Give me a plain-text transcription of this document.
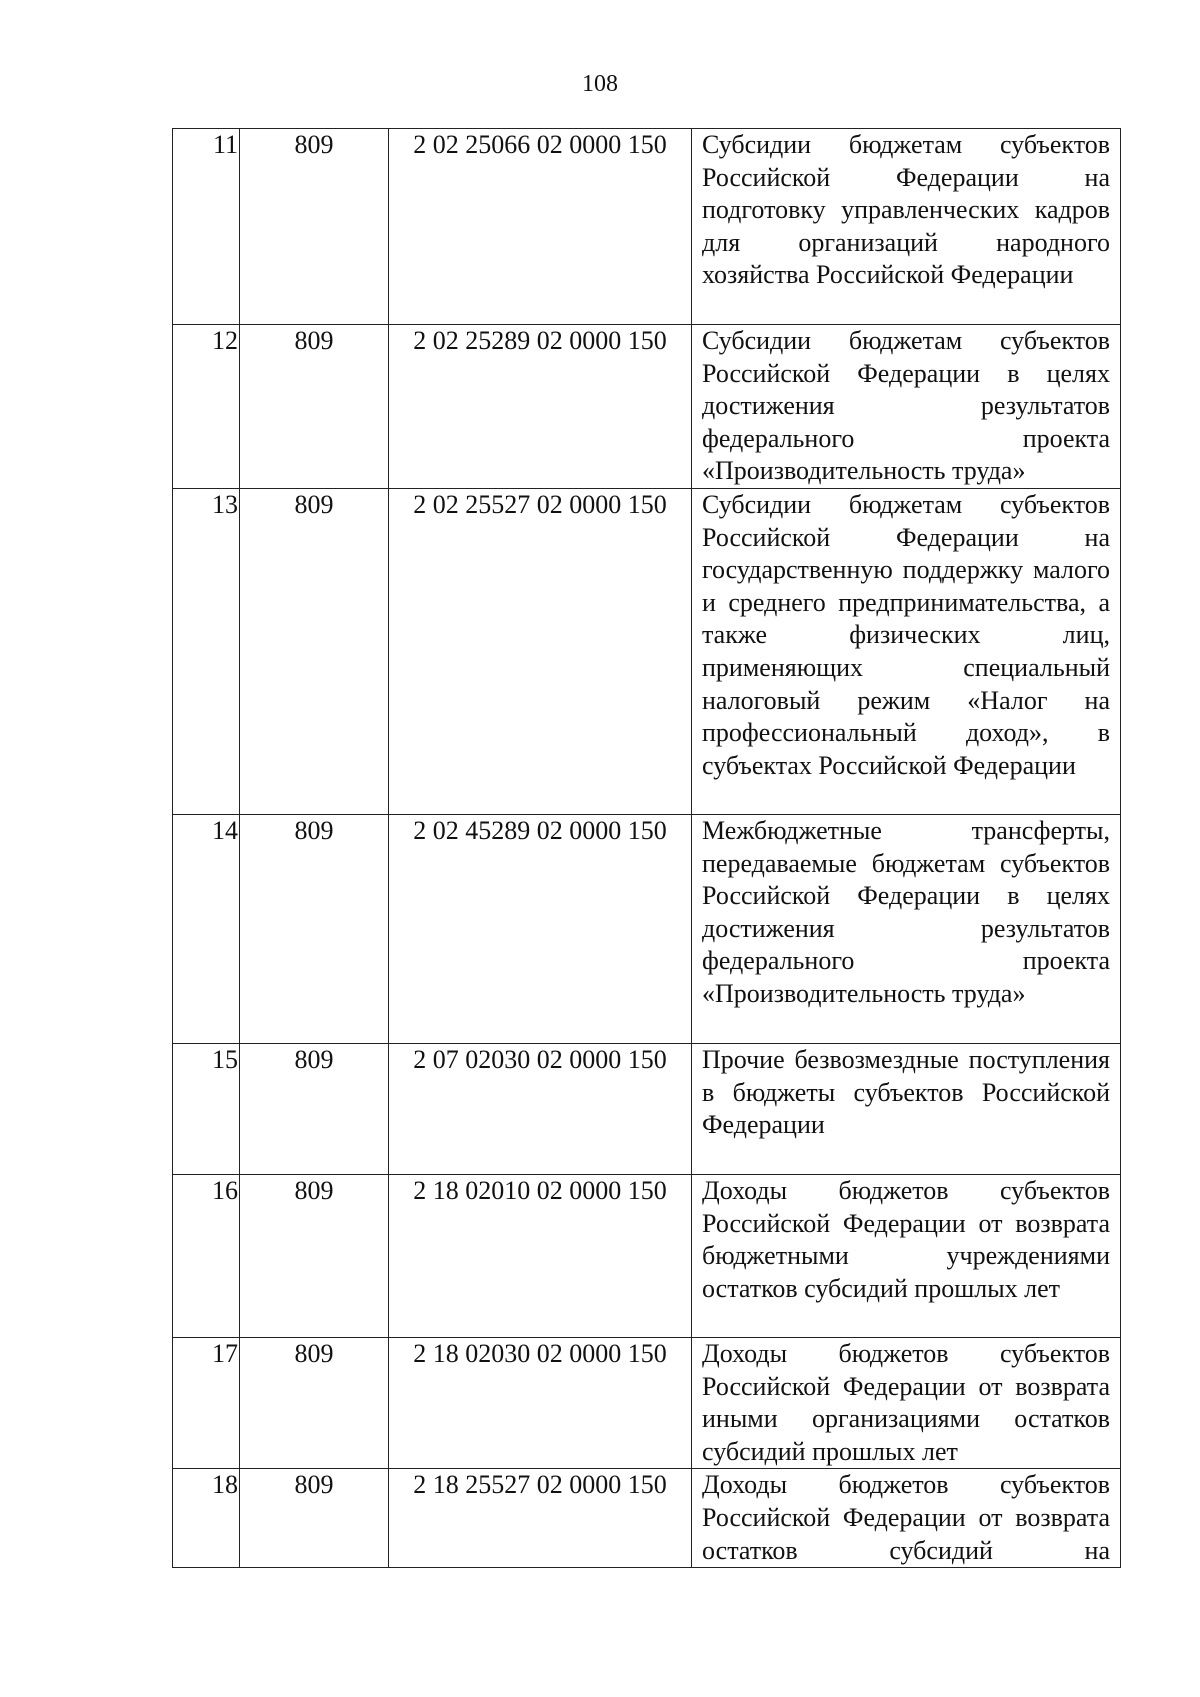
108
11	809	2 02 25066 02 0000 150	Субсидии бюджетам субъектов Российской Федерации на подготовку управленческих кадров для организаций народного хозяйства Российской Федерации
12	809	2 02 25289 02 0000 150	Субсидии бюджетам субъектов Российской Федерации в целях достижения результатов федерального проекта «Производительность труда»
13	809	2 02 25527 02 0000 150	Субсидии бюджетам субъектов Российской Федерации на государственную поддержку малого и среднего предпринимательства, а также физических лиц, применяющих специальный налоговый режим «Налог на профессиональный доход», в субъектах Российской Федерации
14	809	2 02 45289 02 0000 150	Межбюджетные трансферты, передаваемые бюджетам субъектов Российской Федерации в целях достижения результатов федерального проекта «Производительность труда»
15	809	2 07 02030 02 0000 150	Прочие безвозмездные поступления в бюджеты субъектов Российской Федерации
16	809	2 18 02010 02 0000 150	Доходы бюджетов субъектов Российской Федерации от возврата бюджетными учреждениями остатков субсидий прошлых лет
17	809	2 18 02030 02 0000 150	Доходы бюджетов субъектов Российской Федерации от возврата иными организациями остатков субсидий прошлых лет
18	809	2 18 25527 02 0000 150	Доходы бюджетов субъектов Российской Федерации от возврата остатков субсидий на
